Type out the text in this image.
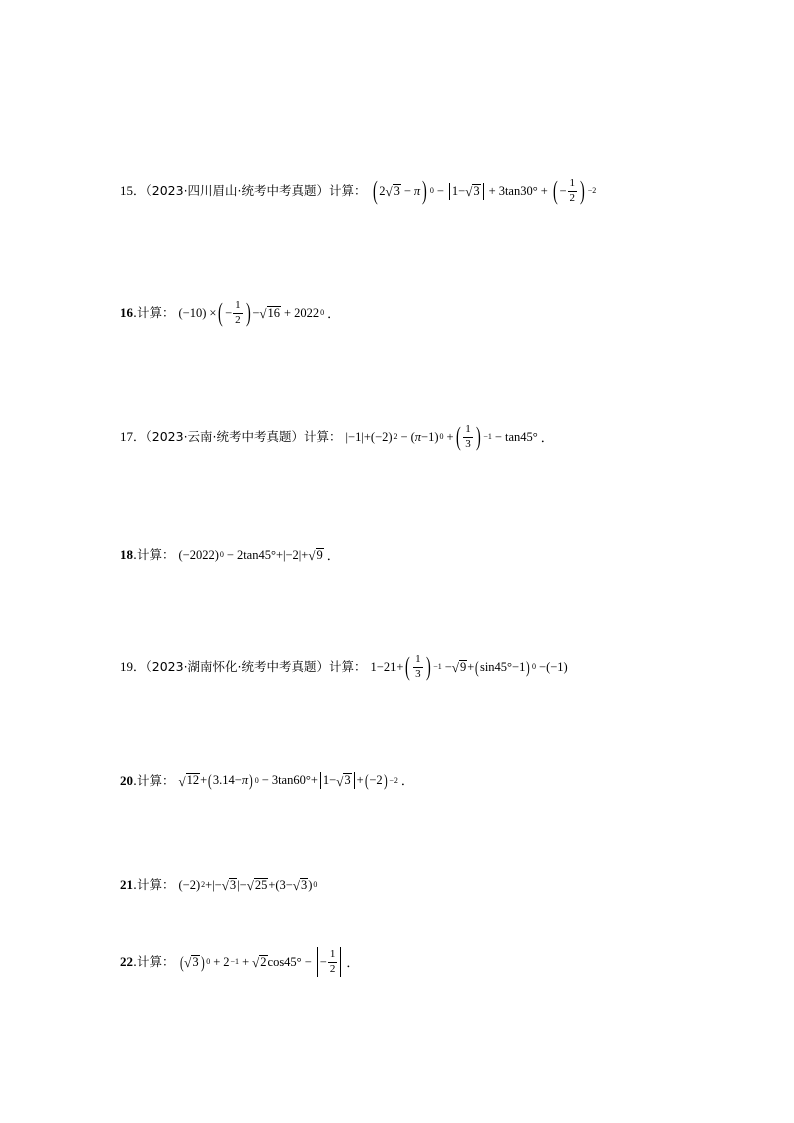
15．（2023·四川眉山·统考中考真题）计算： ( 2 √ 3 − π ) 0 − 1− √ 3 + 3tan30° + ( − $\frac{1}{2}$ ) −2
16.计算： (−10) × ( − $\frac{1}{2}$ ) − √ 16 + 2022 0 ．
17．（2023·云南·统考中考真题）计算： |−1|+(−2) 2 − ( π −1) 0 + ( $\frac{1}{3}$ ) −1 − tan45° ．
18.计算： (−2022) 0 − 2tan45°+|−2|+ √ 9 ．
19．（2023·湖南怀化·统考中考真题）计算： 1−21+ ( $\frac{1}{3}$ ) −1 − √ 9 + ( sin45°−1 ) 0 −(−1)
20.计算： √ 12 + ( 3.14− π ) 0 − 3tan60°+ 1− √ 3 + ( −2 ) −2 ．
21.计算： (−2) 2 +|− √ 3 |− √ 25 +(3− √ 3 ) 0
22.计算： ( √ 3 ) 0 + 2 −1 + √ 2 cos45° − − $\frac{1}{2}$ ．
